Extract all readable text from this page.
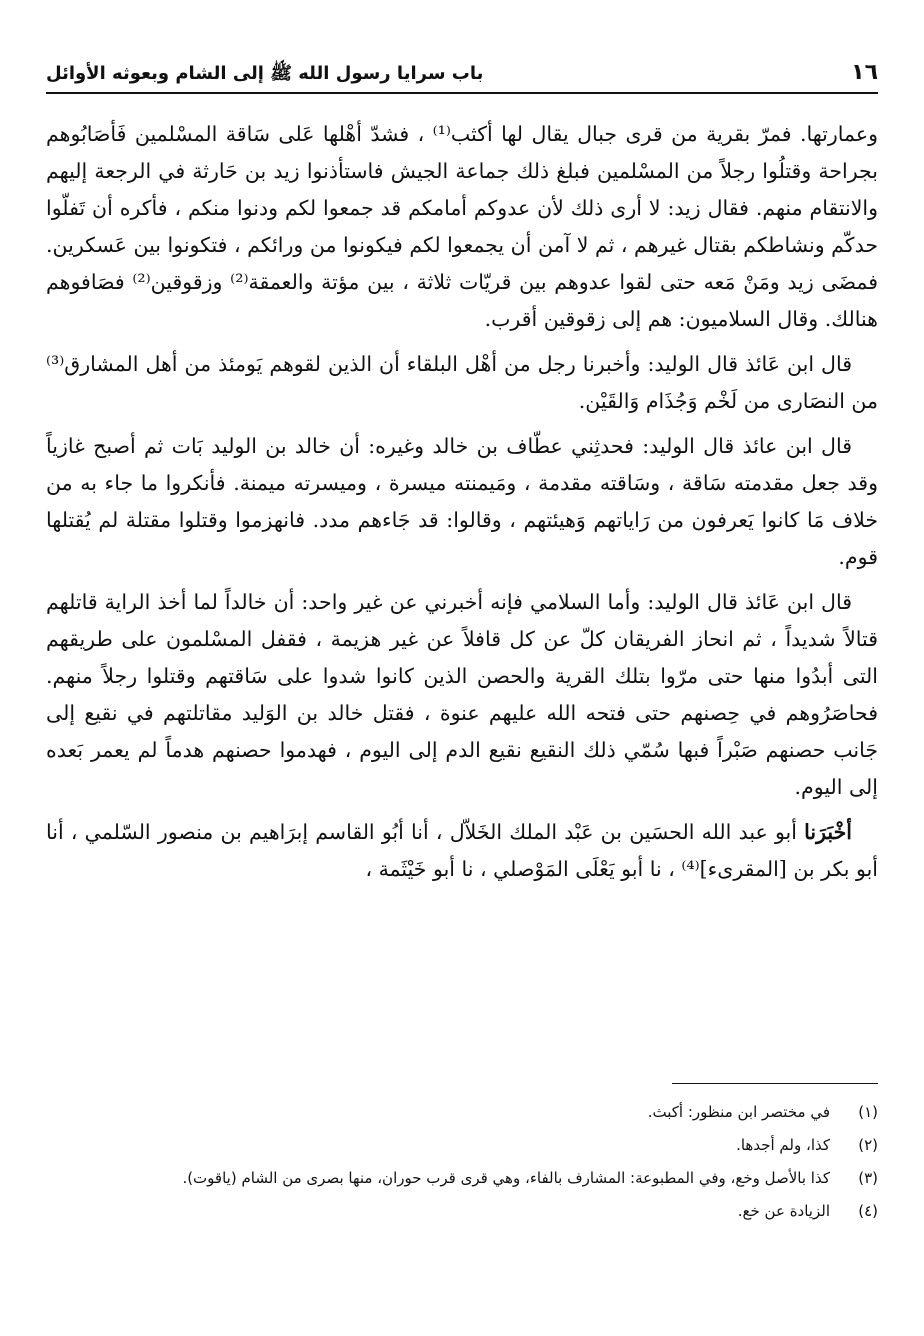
١٦
باب سرايا رسول الله ﷺ إلى الشام وبعوثه الأوائل

وعمارتها. فمرّ بقرية من قرى جبال يقال لها أكثب⁽¹⁾ ، فشدّ أهْلها عَلى سَاقة المسْلمين فَأصَابُوهم بجراحة وقتلُوا رجلاً من المسْلمين فبلغ ذلك جماعة الجيش فاستأذنوا زيد بن حَارثة في الرجعة إليهم والانتقام منهم. فقال زيد: لا أرى ذلك لأن عدوكم أمامكم قد جمعوا لكم ودنوا منكم ، فأكره أن تَفلّوا حدكّم ونشاطكم بقتال غيرهم ، ثم لا آمن أن يجمعوا لكم فيكونوا من ورائكم ، فتكونوا بين عَسكرين. فمضَى زيد ومَنْ مَعه حتى لقوا عدوهم بين قريّات ثلاثة ، بين مؤتة والعمقة⁽²⁾ وزقوقين⁽²⁾ فصَافوهم هنالك. وقال السلاميون: هم إلى زقوقين أقرب.

قال ابن عَائذ قال الوليد: وأخبرنا رجل من أهْل البلقاء أن الذين لقوهم يَومئذ من أهل المشارق⁽³⁾ من النصَارى من لَخْم وَجُذَام وَالقَيْن.

قال ابن عائذ قال الوليد: فحدثِني عطّاف بن خالد وغيره: أن خالد بن الوليد بَات ثم أصبح غازياً وقد جعل مقدمته سَاقة ، وسَاقته مقدمة ، ومَيمنته ميسرة ، وميسرته ميمنة. فأنكروا ما جاء به من خلاف مَا كانوا يَعرفون من رَاياتهم وَهيئتهم ، وقالوا: قد جَاءهم مدد. فانهزموا وقتلوا مقتلة لم يُقتلها قوم.

قال ابن عَائذ قال الوليد: وأما السلامي فإنه أخبرني عن غير واحد: أن خالداً لما أخذ الراية قاتلهم قتالاً شديداً ، ثم انحاز الفريقان كلّ عن كل قافلاً عن غير هزيمة ، فقفل المسْلمون على طريقهم التى أبدُوا منها حتى مرّوا بتلك القرية والحصن الذين كانوا شدوا على سَاقتهم وقتلوا رجلاً منهم. فحاصَرُوهم في حِصنهم حتى فتحه الله عليهم عنوة ، فقتل خالد بن الوَليد مقاتلتهم في نقيع إلى جَانب حصنهم صَبْراً فبها سُمّي ذلك النقيع نقيع الدم إلى اليوم ، فهدموا حصنهم هدماً لم يعمر بَعده إلى اليوم.

أخْبَرَنا أبو عبد الله الحسَين بن عَبْد الملك الخَلاّل ، أنا أبُو القاسم إبرَاهيم بن منصور السّلمي ، أنا أبو بكر بن [المقرىء]⁽⁴⁾ ، نا أبو يَعْلَى المَوْصلي ، نا أبو خَيْثَمة ،

(١)
في مختصر ابن منظور: أكبث.
(٢)
كذا، ولم أجدها.
(٣)
كذا بالأصل وخع، وفي المطبوعة: المشارف بالفاء، وهي قرى قرب حوران، منها بصرى من الشام (ياقوت).
(٤)
الزيادة عن خع.
